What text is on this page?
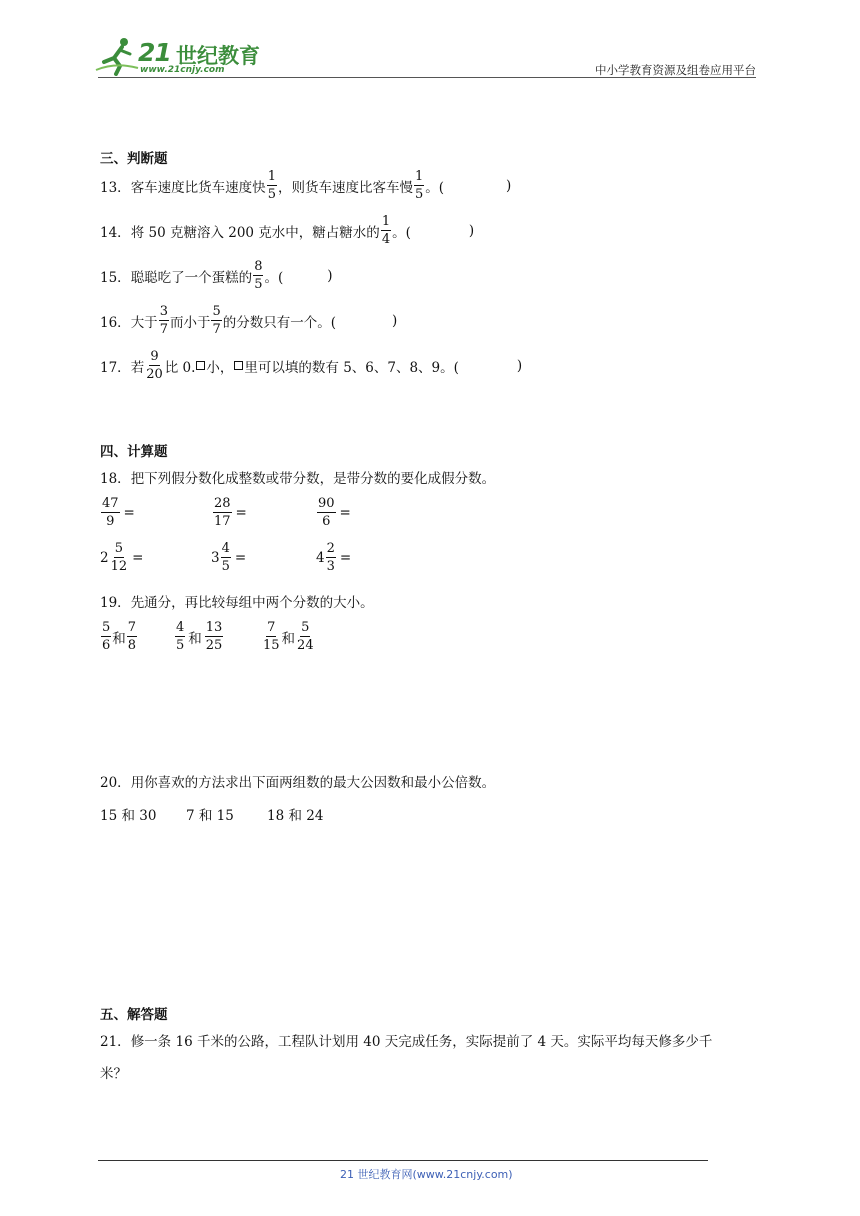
21 世纪教育
www.21cnjy.com	中小学教育资源及组卷应用平台
三、判断题
13． 客车速度比货车速度快 $\frac{1}{5}$ ，则货车速度比客车慢 $\frac{1}{5}$ 。(	)
14． 将 50 克糖溶入 200 克水中，糖占糖水的 $\frac{1}{4}$ 。(	)
15． 聪聪吃了一个蛋糕的 $\frac{8}{5}$ 。(	)
16． 大于 $\frac{3}{7}$ 而小于 $\frac{5}{7}$ 的分数只有一个。(	)
17． 若 $\frac{9}{20}$ 比 0. 小， 里可以填的数有 5、6、7、8、9。(	)
四、计算题
18． 把下列假分数化成整数或带分数，是带分数的要化成假分数。
$\frac{47}{9}$ =	$\frac{28}{17}$ =	$\frac{90}{6}$ =
$2 \frac{5}{12}$ =	$3 \frac{4}{5}$ =	$4 \frac{2}{3}$ =
19． 先通分，再比较每组中两个分数的大小。
$\frac{5}{6}$ 和 $\frac{7}{8}$	$\frac{4}{5}$ 和 $\frac{13}{25}$	$\frac{7}{15}$ 和 $\frac{5}{24}$
20． 用你喜欢的方法求出下面两组数的最大公因数和最小公倍数。
15 和 30 7 和 15 18 和 24
五、解答题
21． 修一条 16 千米的公路，工程队计划用 40 天完成任务，实际提前了 4 天。实际平均每天修多少千
米？
21 世纪教育网(www.21cnjy.com)
